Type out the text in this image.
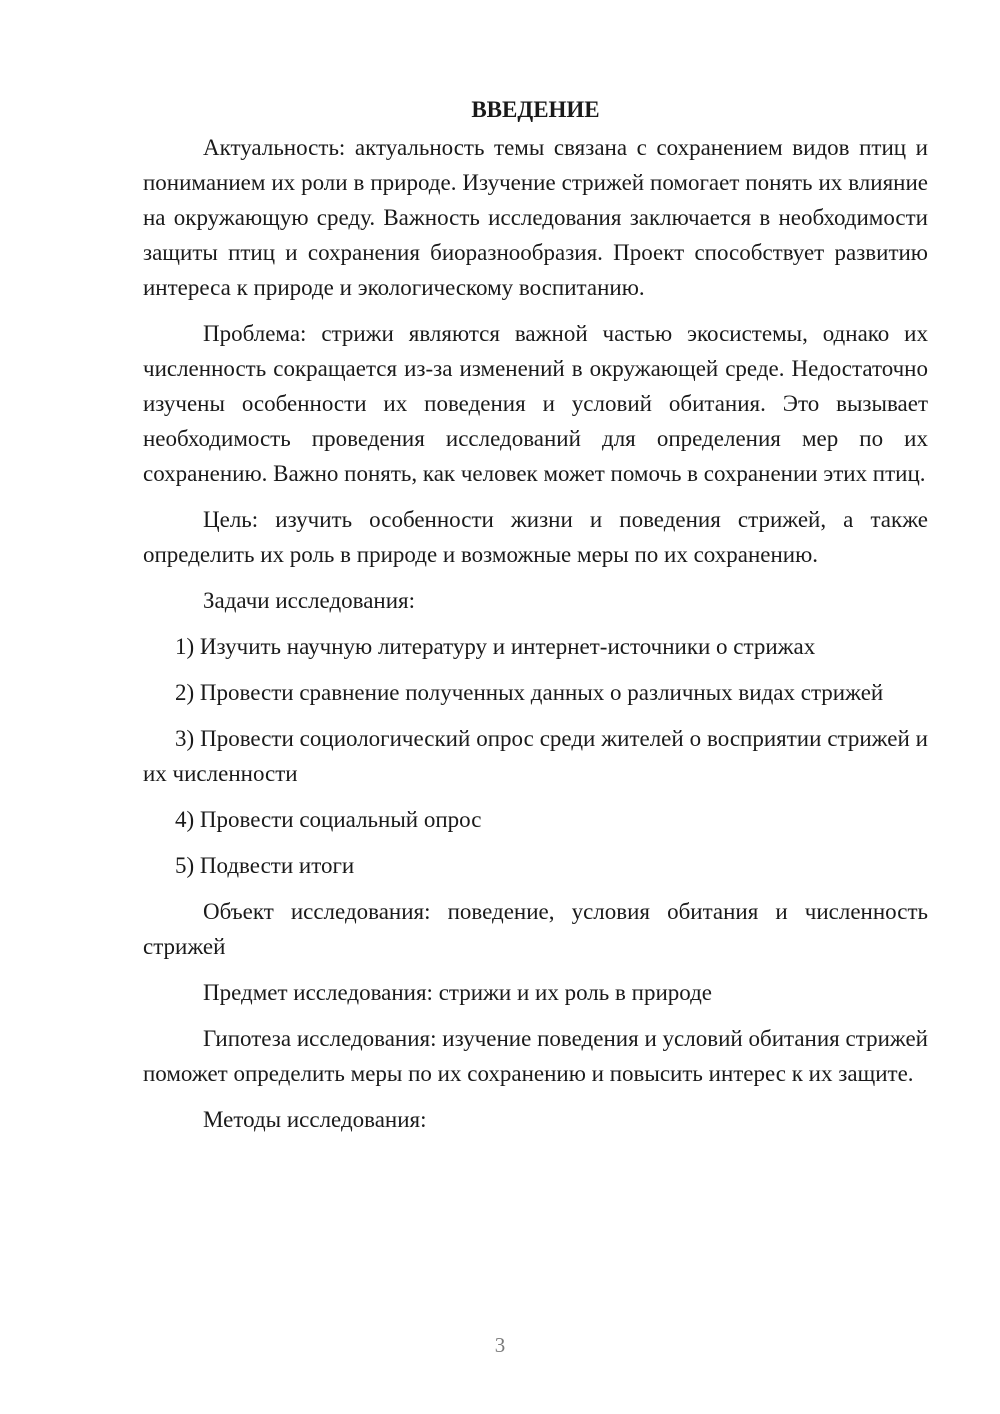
ВВЕДЕНИЕ

Актуальность: актуальность темы связана с сохранением видов птиц и пониманием их роли в природе. Изучение стрижей помогает понять их влияние на окружающую среду. Важность исследования заключается в необходимости защиты птиц и сохранения биоразнообразия. Проект способствует развитию интереса к природе и экологическому воспитанию.

Проблема: стрижи являются важной частью экосистемы, однако их численность сокращается из-за изменений в окружающей среде. Недостаточно изучены особенности их поведения и условий обитания. Это вызывает необходимость проведения исследований для определения мер по их сохранению. Важно понять, как человек может помочь в сохранении этих птиц.

Цель: изучить особенности жизни и поведения стрижей, а также определить их роль в природе и возможные меры по их сохранению.

Задачи исследования:

1) Изучить научную литературу и интернет-источники о стрижах

2) Провести сравнение полученных данных о различных видах стрижей

3) Провести социологический опрос среди жителей о восприятии стрижей и их численности

4) Провести социальный опрос

5) Подвести итоги

Объект исследования: поведение, условия обитания и численность стрижей

Предмет исследования: стрижи и их роль в природе

Гипотеза исследования: изучение поведения и условий обитания стрижей поможет определить меры по их сохранению и повысить интерес к их защите.

Методы исследования:

3
